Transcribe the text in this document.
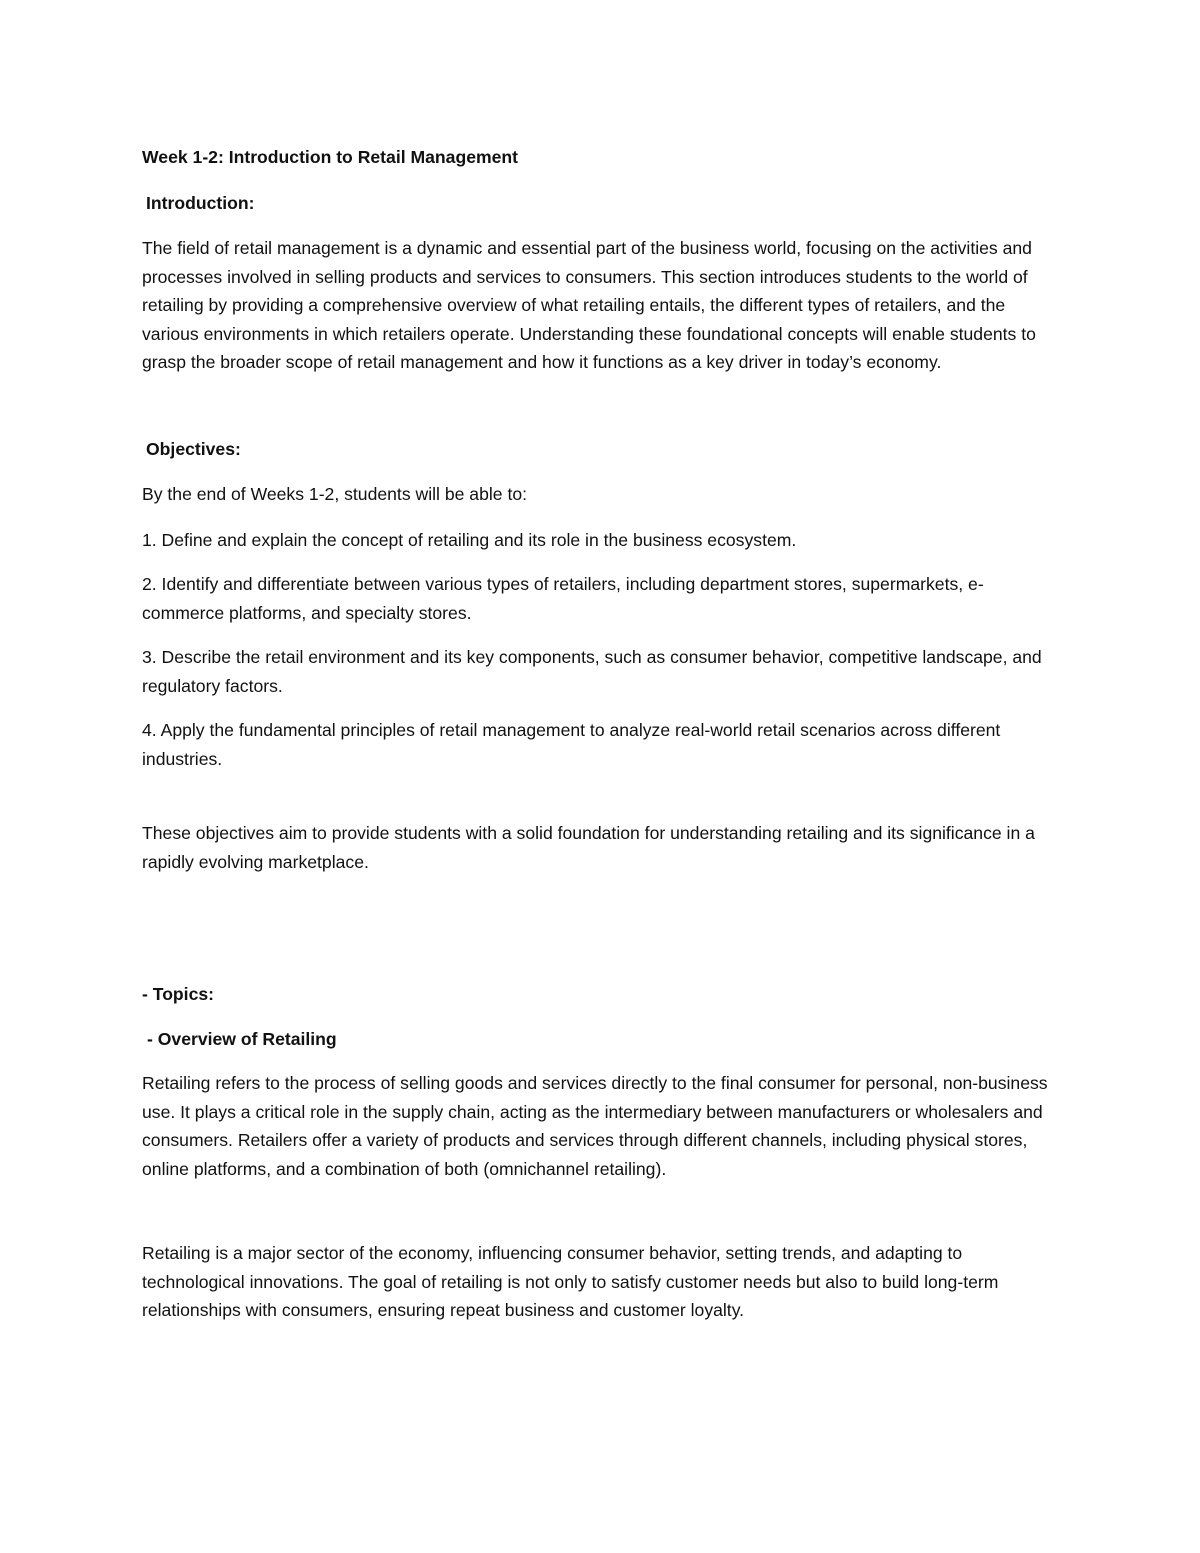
Week 1-2: Introduction to Retail Management

Introduction:

The field of retail management is a dynamic and essential part of the business world, focusing on the activities and processes involved in selling products and services to consumers. This section introduces students to the world of retailing by providing a comprehensive overview of what retailing entails, the different types of retailers, and the various environments in which retailers operate. Understanding these foundational concepts will enable students to grasp the broader scope of retail management and how it functions as a key driver in today’s economy.

Objectives:

By the end of Weeks 1-2, students will be able to:

1. Define and explain the concept of retailing and its role in the business ecosystem.

2. Identify and differentiate between various types of retailers, including department stores, supermarkets, e-commerce platforms, and specialty stores.

3. Describe the retail environment and its key components, such as consumer behavior, competitive landscape, and regulatory factors.

4. Apply the fundamental principles of retail management to analyze real-world retail scenarios across different industries.

These objectives aim to provide students with a solid foundation for understanding retailing and its significance in a rapidly evolving marketplace.

- Topics:

- Overview of Retailing

Retailing refers to the process of selling goods and services directly to the final consumer for personal, non-business use. It plays a critical role in the supply chain, acting as the intermediary between manufacturers or wholesalers and consumers. Retailers offer a variety of products and services through different channels, including physical stores, online platforms, and a combination of both (omnichannel retailing).

Retailing is a major sector of the economy, influencing consumer behavior, setting trends, and adapting to technological innovations. The goal of retailing is not only to satisfy customer needs but also to build long-term relationships with consumers, ensuring repeat business and customer loyalty.
